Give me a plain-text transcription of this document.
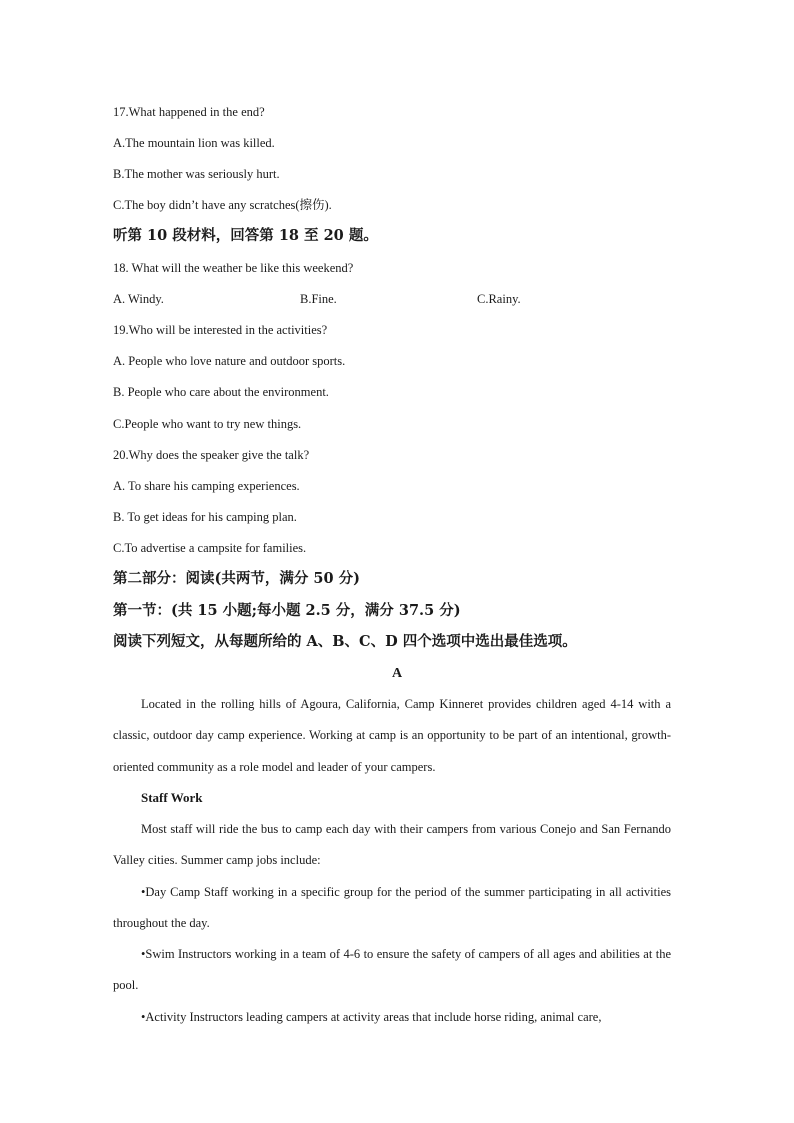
17.What happened in the end?
A.The mountain lion was killed.
B.The mother was seriously hurt.
C.The boy didn’t have any scratches(擦伤).
听第 10 段材料，回答第 18 至 20 题。
18. What will the weather be like this weekend?
A. Windy.	B.Fine.	C.Rainy.
19.Who will be interested in the activities?
A. People who love nature and outdoor sports.
B. People who care about the environment.
C.People who want to try new things.
20.Why does the speaker give the talk?
A. To share his camping experiences.
B. To get ideas for his camping plan.
C.To advertise a campsite for families.
第二部分：阅读(共两节，满分 50 分)
第一节：(共 15 小题;每小题 2.5 分，满分 37.5 分)
阅读下列短文，从每题所给的 A、B、C、D 四个选项中选出最佳选项。
A
Located in the rolling hills of Agoura, California, Camp Kinneret provides children aged 4-14 with a classic, outdoor day camp experience. Working at camp is an opportunity to be part of an intentional, growth-oriented community as a role model and leader of your campers.
Staff Work
Most staff will ride the bus to camp each day with their campers from various Conejo and San Fernando Valley cities. Summer camp jobs include:
•Day Camp Staff working in a specific group for the period of the summer participating in all activities throughout the day.
•Swim Instructors working in a team of 4-6 to ensure the safety of campers of all ages and abilities at the pool.
•Activity Instructors leading campers at activity areas that include horse riding, animal care,
